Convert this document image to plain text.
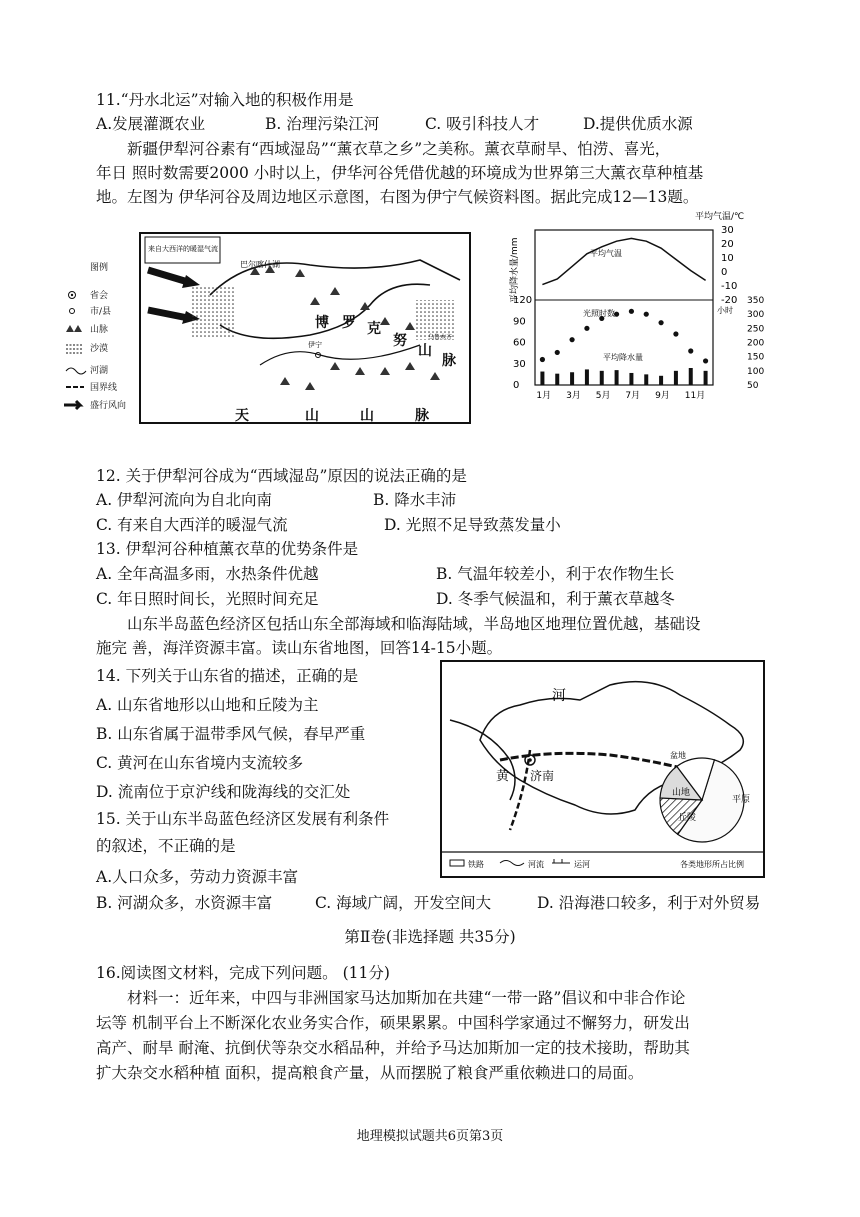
11.“丹水北运”对输入地的积极作用是
A.发展灌溉农业	B. 治理污染江河	C. 吸引科技人才	D.提供优质水源
新疆伊犁河谷素有“西域湿岛”“薰衣草之乡”之美称。薰衣草耐旱、怕涝、喜光，
年日 照时数需要2000 小时以上，伊华河谷凭借优越的环境成为世界第三大薰衣草种植基
地。左图为 伊华河谷及周边地区示意图，右图为伊宁气候资料图。据此完成12—13题。
图例
省会
市/县
山脉
沙漠
河湖
国界线
盛行风向
来自大西洋的暖湿气流
巴尔喀什湖
博 罗 克
努
山
脉
天	山	山	脉
伊宁
乌鲁木齐
平均降水量/mm
平均气温/℃
30
20
10
0
-10
-20
120
90
60
30
0
350
300
250
200
150
100
50
1月 3月 5月 7月 9月 11月
平均气温
光照时数
平均降水量
小时
12. 关于伊犁河谷成为“西域湿岛”原因的说法正确的是
A. 伊犁河流向为自北向南	B. 降水丰沛
C. 有来自大西洋的暖湿气流	D. 光照不足导致蒸发量小
13. 伊犁河谷种植薰衣草的优势条件是
A. 全年高温多雨，水热条件优越	B. 气温年较差小，利于农作物生长
C. 年日照时间长，光照时间充足	D. 冬季气候温和，利于薰衣草越冬
山东半岛蓝色经济区包括山东全部海域和临海陆域，半岛地区地理位置优越，基础设
施完 善，海洋资源丰富。读山东省地图，回答14-15小题。
14. 下列关于山东省的描述，正确的是
A. 山东省地形以山地和丘陵为主
B. 山东省属于温带季风气候，春早严重
C. 黄河在山东省境内支流较多
D. 流南位于京沪线和陇海线的交汇处
15. 关于山东半岛蓝色经济区发展有利条件
的叙述，不正确的是
A.人口众多，劳动力资源丰富
B. 河湖众多，水资源丰富	C. 海域广阔，开发空间大	D. 沿海港口较多，利于对外贸易
河
黄 济南
盆地
山地
丘陵
平原
铁路	河流	运河	各类地形所占比例
第Ⅱ卷(非选择题 共35分)
16.阅读图文材料，完成下列问题。 (11分)
材料一：近年来，中四与非洲国家马达加斯加在共建“一带一路”倡议和中非合作论
坛等 机制平台上不断深化农业务实合作，硕果累累。中国科学家通过不懈努力，研发出
高产、耐旱 耐淹、抗倒伏等杂交水稻品种，并给予马达加斯加一定的技术接助，帮助其
扩大杂交水稻种植 面积，提高粮食产量，从而摆脱了粮食严重依赖进口的局面。
地理模拟试题共6页第3页
